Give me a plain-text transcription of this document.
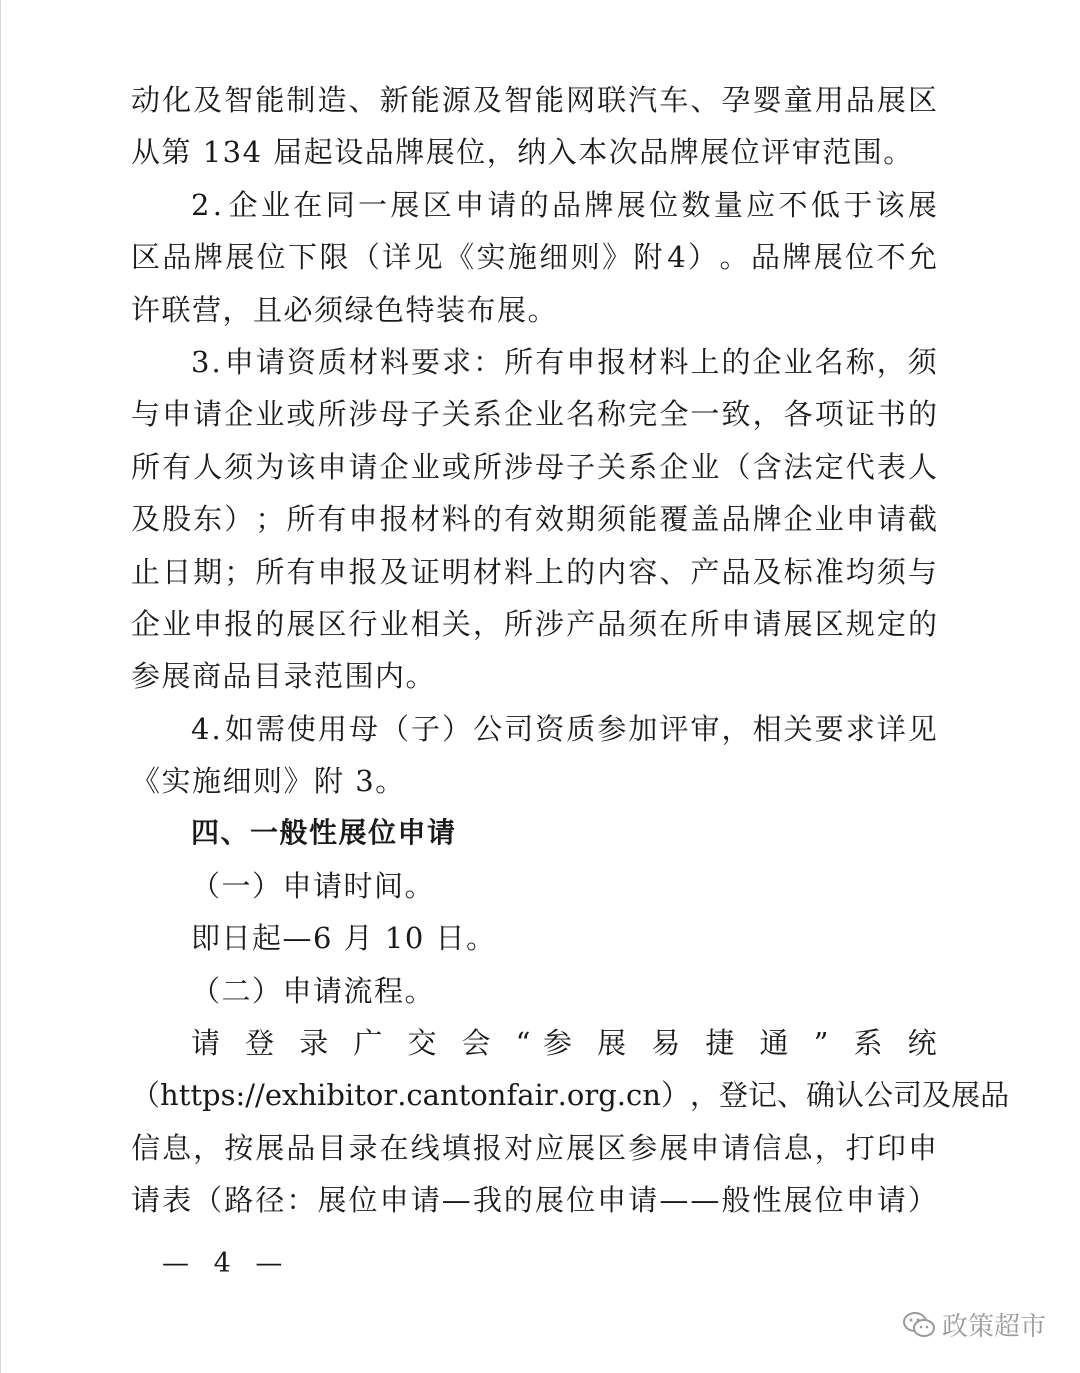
动 化 及 智 能 制 造 、 新 能 源 及 智 能 网 联 汽 车 、 孕 婴 童 用 品 展 区
从第 134 届起设品牌展位，纳入本次品牌展位评审范围。
2 . 企 业 在 同 一 展 区 申 请 的 品 牌 展 位 数 量 应 不 低 于 该 展
区 品 牌 展 位 下 限 （ 详 见 《 实 施 细 则 》 附 4 ） 。 品 牌 展 位 不 允
许联营，且必须绿色特装布展。
3 . 申 请 资 质 材 料 要 求 ： 所 有 申 报 材 料 上 的 企 业 名 称 ， 须
与 申 请 企 业 或 所 涉 母 子 关 系 企 业 名 称 完 全 一 致 ， 各 项 证 书 的
所 有 人 须 为 该 申 请 企 业 或 所 涉 母 子 关 系 企 业 （ 含 法 定 代 表 人
及 股 东 ） ； 所 有 申 报 材 料 的 有 效 期 须 能 覆 盖 品 牌 企 业 申 请 截
止 日 期 ； 所 有 申 报 及 证 明 材 料 上 的 内 容 、 产 品 及 标 准 均 须 与
企 业 申 报 的 展 区 行 业 相 关 ， 所 涉 产 品 须 在 所 申 请 展 区 规 定 的
参展商品目录范围内。
4 . 如 需 使 用 母 （ 子 ） 公 司 资 质 参 加 评 审 ， 相 关 要 求 详 见
《实施细则》附 3。
四、一般性展位申请
（一）申请时间。
即日起—6 月 10 日。
（二）申请流程。
请 登 录 广 交 会 “ 参 展 易 捷 通 ” 系 统
（ h t t p s : / / e x h i b i t o r . c a n t o n f a i r . o r g . c n ） ， 登 记 、 确 认 公 司 及 展 品
信 息 ， 按 展 品 目 录 在 线 填 报 对 应 展 区 参 展 申 请 信 息 ， 打 印 申
请 表 （ 路 径 ： 展 位 申 请 — 我 的 展 位 申 请 — — 般 性 展 位 申 请 ）
— 4 —
政策超市
